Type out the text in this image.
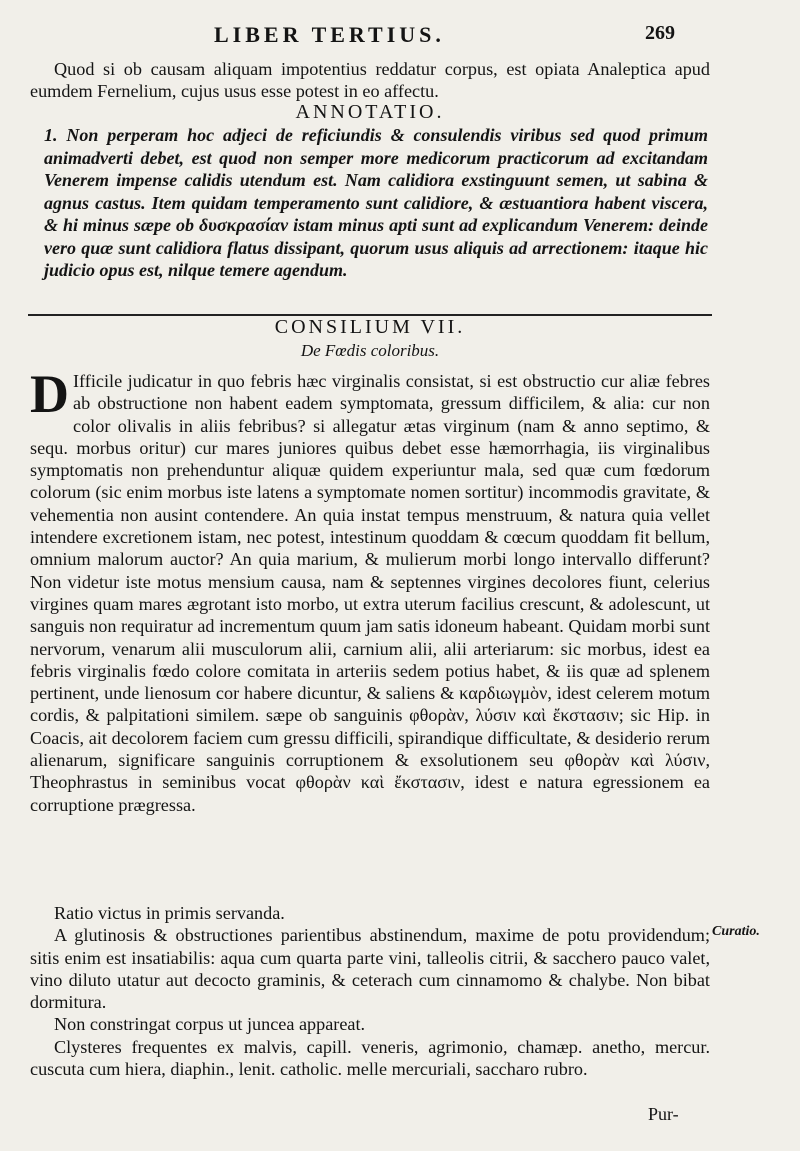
LIBER TERTIUS.	269

Quod si ob causam aliquam impotentius reddatur corpus, est opiata Analeptica apud eumdem Fernelium, cujus usus esse potest in eo affectu.

ANNOTATIO.

1. Non perperam hoc adjeci de reficiundis & consulendis viribus sed quod primum animadverti debet, est quod non semper more medicorum practicorum ad excitandam Venerem impense calidis utendum est. Nam calidiora exstinguunt semen, ut sabina & agnus castus. Item quidam temperamento sunt calidiore, & æstuantiora habent viscera, & hi minus sæpe ob δυσκρασίαν istam minus apti sunt ad explicandum Venerem: deinde vero quæ sunt calidiora flatus dissipant, quorum usus aliquis ad arrectionem: itaque hic judicio opus est, nilque temere agendum.

CONSILIUM VII.
De Fœdis coloribus.

D Ifficile judicatur in quo febris hæc virginalis consistat, si est obstructio cur aliæ febres ab obstructione non habent eadem symptomata, gressum difficilem, & alia: cur non color olivalis in aliis febribus? si allegatur ætas virginum (nam & anno septimo, & sequ. morbus oritur) cur mares juniores quibus debet esse hæmorrhagia, iis virginalibus symptomatis non prehenduntur aliquæ quidem experiuntur mala, sed quæ cum fœdorum colorum (sic enim morbus iste latens a symptomate nomen sortitur) incommodis gravitate, & vehementia non ausint contendere. An quia instat tempus menstruum, & natura quia vellet intendere excretionem istam, nec potest, intestinum quoddam & cœcum quoddam fit bellum, omnium malorum auctor? An quia marium, & mulierum morbi longo intervallo differunt? Non videtur iste motus mensium causa, nam & septennes virgines decolores fiunt, celerius virgines quam mares ægrotant isto morbo, ut extra uterum facilius crescunt, & adolescunt, ut sanguis non requiratur ad incrementum quum jam satis idoneum habeant. Quidam morbi sunt nervorum, venarum alii musculorum alii, carnium alii, alii arteriarum: sic morbus, idest ea febris virginalis fœdo colore comitata in arteriis sedem potius habet, & iis quæ ad splenem pertinent, unde lienosum cor habere dicuntur, & saliens & καρδιωγμὸν, idest celerem motum cordis, & palpitationi similem. sæpe ob sanguinis φθορὰν, λύσιν καὶ ἔκστασιν; sic Hip. in Coacis, ait decolorem faciem cum gressu difficili, spirandique difficultate, & desiderio rerum alienarum, significare sanguinis corruptionem & exsolutionem seu φθορὰν καὶ λύσιν, Theophrastus in seminibus vocat φθορὰν καὶ ἔκστασιν, idest e natura egressionem ea corruptione prægressa.

Ratio victus in primis servanda.

A glutinosis & obstructiones parientibus abstinendum, maxime de potu providendum; sitis enim est insatiabilis: aqua cum quarta parte vini, talleolis citrii, & sacchero pauco valet, vino diluto utatur aut decocto graminis, & ceterach cum cinnamomo & chalybe. Non bibat dormitura.

Non constringat corpus ut juncea appareat.

Clysteres frequentes ex malvis, capill. veneris, agrimonio, chamæp. anetho, mercur. cuscuta cum hiera, diaphin., lenit. catholic. melle mercuriali, saccharo rubro.

Curatio.
Pur-
